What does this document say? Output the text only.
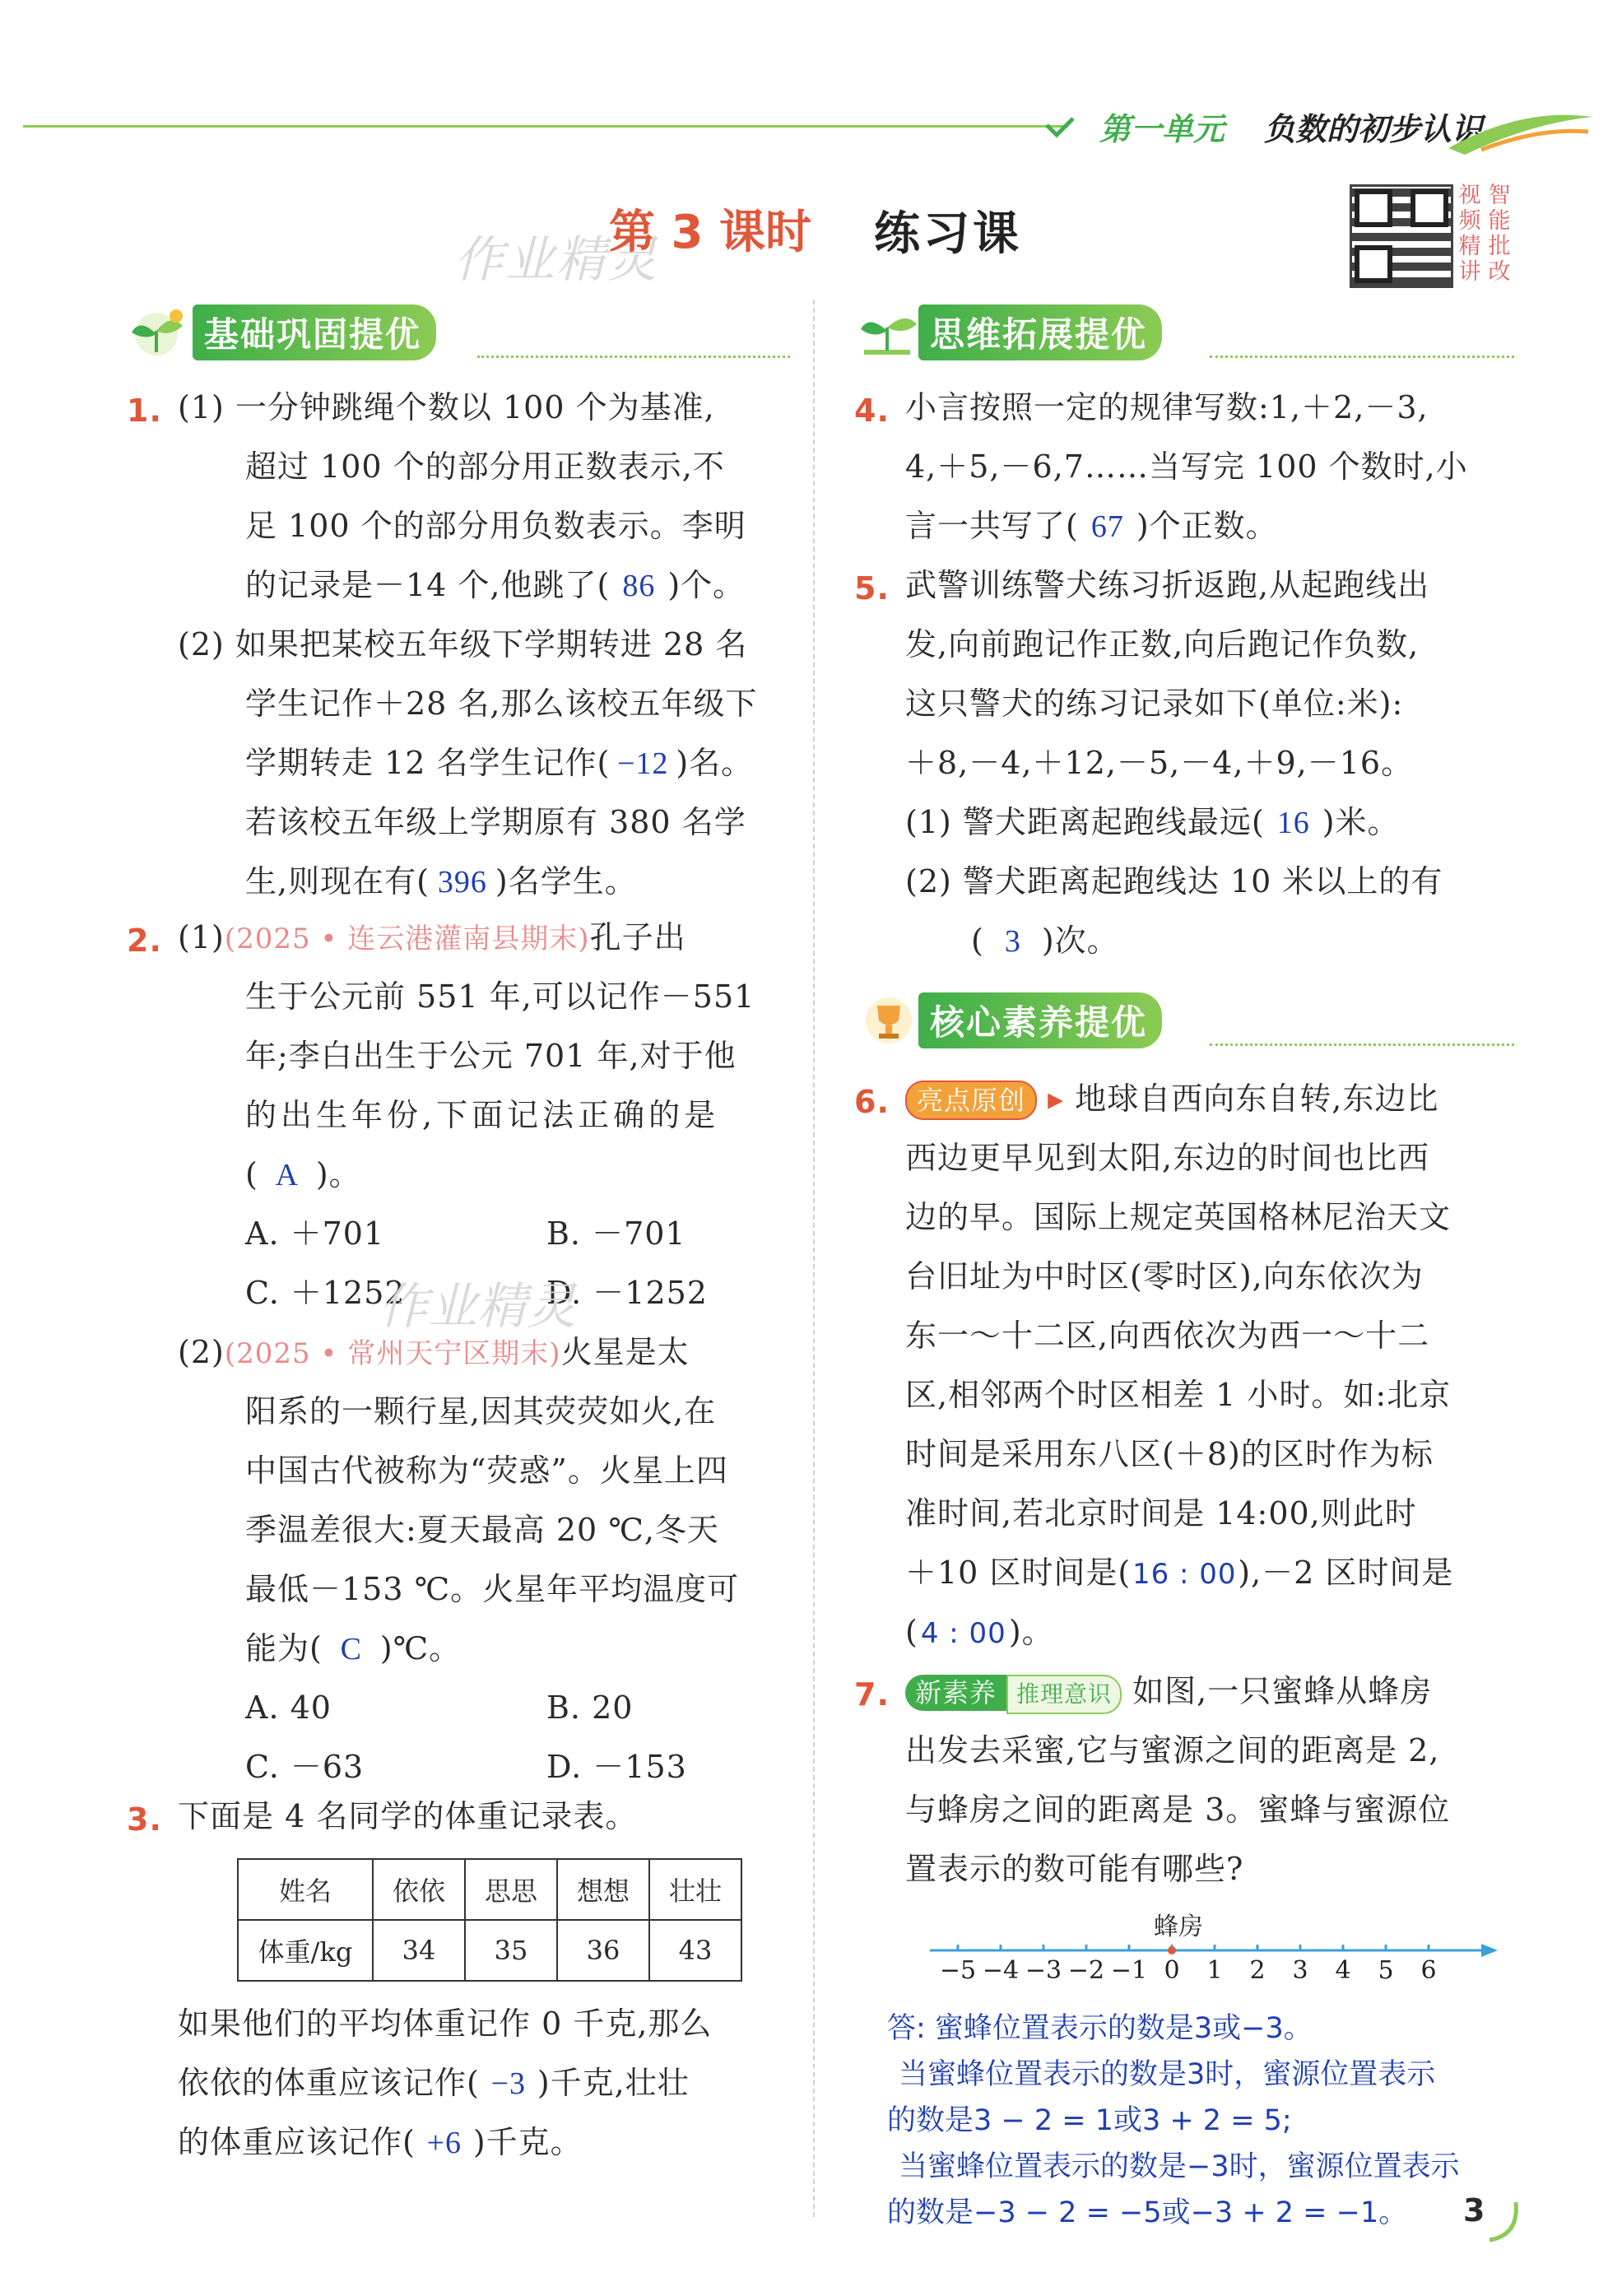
第一单元 负数的初步认识
作业精灵
第 3 课时 练习课
视 智
频 能
精 批
讲 改
基础巩固提优
1. (1) 一分钟跳绳个数以 100 个为基准,
超过 100 个的部分用正数表示,不
足 100 个的部分用负数表示。李明
的记录是－14 个,他跳了( 86 )个。
(2) 如果把某校五年级下学期转进 28 名
学生记作＋28 名,那么该校五年级下
学期转走 12 名学生记作( −12 )名。
若该校五年级上学期原有 380 名学
生,则现在有( 396 )名学生。
2. (1)(2025 • 连云港灌南县期末)孔子出
生于公元前 551 年,可以记作－551
年;李白出生于公元 701 年,对于他
的出生年份,下面记法正确的是
( A )。
A. ＋701	B. －701
C. ＋1252	D. －1252
作业精灵
(2)(2025 • 常州天宁区期末)火星是太
阳系的一颗行星,因其荧荧如火,在
中国古代被称为“荧惑”。火星上四
季温差很大:夏天最高 20 ℃,冬天
最低－153 ℃。火星年平均温度可
能为( C )℃。
A. 40	B. 20
C. －63	D. －153
3. 下面是 4 名同学的体重记录表。
姓名	依依	思思	想想	壮壮
体重/kg	34	35	36	43
如果他们的平均体重记作 0 千克,那么
依依的体重应该记作( −3 )千克,壮壮
的体重应该记作( +6 )千克。
思维拓展提优
4. 小言按照一定的规律写数:1,＋2,－3,
4,＋5,－6,7……当写完 100 个数时,小
言一共写了( 67 )个正数。
5. 武警训练警犬练习折返跑,从起跑线出
发,向前跑记作正数,向后跑记作负数,
这只警犬的练习记录如下(单位:米):
＋8,－4,＋12,－5,－4,＋9,－16。
(1) 警犬距离起跑线最远( 16 )米。
(2) 警犬距离起跑线达 10 米以上的有
( 3 )次。
核心素养提优
6.	亮点原创 ▸ 地球自西向东自转,东边比
西边更早见到太阳,东边的时间也比西
边的早。国际上规定英国格林尼治天文
台旧址为中时区(零时区),向东依次为
东一～十二区,向西依次为西一～十二
区,相邻两个时区相差 1 小时。如:北京
时间是采用东八区(＋8)的区时作为标
准时间,若北京时间是 14:00,则此时
＋10 区时间是(16 : 00),－2 区时间是
(4 : 00)。
7. 新素养 推理意识 如图,一只蜜蜂从蜂房
出发去采蜜,它与蜜源之间的距离是 2,
与蜂房之间的距离是 3。蜜蜂与蜜源位
置表示的数可能有哪些?
蜂房
−5 −4 −3 −2 −1 0 1 2 3 4 5 6
答: 蜜蜂位置表示的数是3或−3。
当蜜蜂位置表示的数是3时，蜜源位置表示
的数是3 − 2 = 1或3 + 2 = 5;
当蜜蜂位置表示的数是−3时，蜜源位置表示
的数是−3 − 2 = −5或−3 + 2 = −1。 3
